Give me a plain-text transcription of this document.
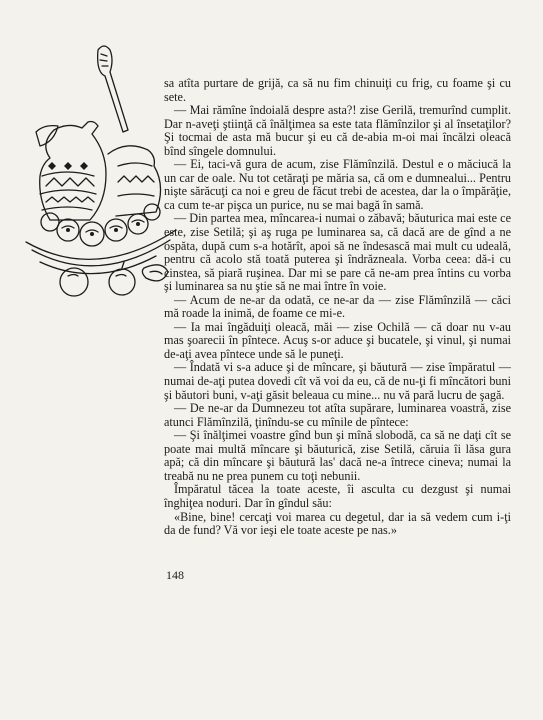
sa atîta purtare de grijă, ca să nu fim chinuiţi cu frig, cu foame şi cu sete.

— Mai rămîne îndoială despre asta?! zise Gerilă, tremurînd cumplit. Dar n-aveţi ştiinţă că înălţimea sa este tata flămînzilor şi al însetaţilor? Şi tocmai de asta mă bucur şi eu că de-abia m-oi mai încălzi oleacă bînd sîngele domnului.

— Ei, taci-vă gura de acum, zise Flămînzilă. Destul e o măciucă la un car de oale. Nu tot cetăraţi pe măria sa, că om e dumnealui... Pentru nişte sărăcuţi ca noi e greu de făcut trebi de acestea, dar la o împărăţie, ca cum te-ar pişca un purice, nu se mai bagă în samă.

— Din partea mea, mîncarea-i numai o zăbavă; băuturica mai este ce este, zise Setilă; şi aş ruga pe luminarea sa, că dacă are de gînd a ne ospăta, după cum s-a hotărît, apoi să ne îndesască mai mult cu udeală, pentru că acolo stă toată puterea şi îndrăzneala. Vorba ceea: dă-i cu cinstea, să piară ruşinea. Dar mi se pare că ne-am prea întins cu vorba şi luminarea sa nu ştie să ne mai între în voie.

— Acum de ne-ar da odată, ce ne-ar da — zise Flămînzilă — căci mă roade la inimă, de foame ce mi-e.

— Ia mai îngăduiţi oleacă, măi — zise Ochilă — că doar nu v-au mas şoarecii în pîntece. Acuş s-or aduce şi bucatele, şi vinul, şi numai de-aţi avea pîntece unde să le puneţi.

— Îndată vi s-a aduce şi de mîncare, şi băutură — zise împăratul — numai de-aţi putea dovedi cît vă voi da eu, că de nu-ţi fi mîncători buni şi băutori buni, v-aţi găsit beleaua cu mine... nu vă pară lucru de şagă.

— De ne-ar da Dumnezeu tot atîta supărare, luminarea voastră, zise atunci Flămînzilă, ţinîndu-se cu mînile de pîntece:

— Şi înălţimei voastre gînd bun şi mînă slobodă, ca să ne daţi cît se poate mai multă mîncare şi băuturică, zise Setilă, căruia îi lăsa gura apă; că din mîncare şi băutură las' dacă ne-a întrece cineva; numai la treabă nu ne prea punem cu toţi nebunii.

Împăratul tăcea la toate aceste, îi asculta cu dezgust şi numai înghiţea noduri. Dar în gîndul său:

«Bine, bine! cercaţi voi marea cu degetul, dar ia să vedem cum i-ţi da de fund? Vă vor ieşi ele toate aceste pe nas.»

148
